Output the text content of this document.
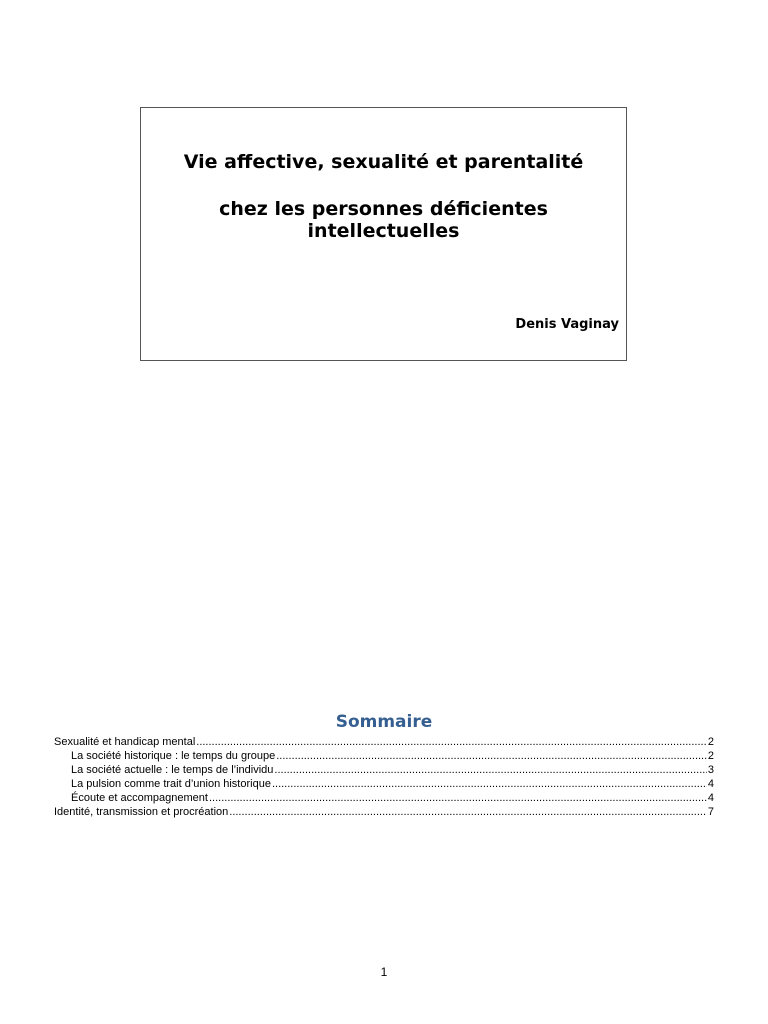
Vie affective, sexualité et parentalité

chez les personnes déficientes

intellectuelles

Denis Vaginay
Sommaire
Sexualité et handicap mental .....	2
La société historique : le temps du groupe .....	2
La société actuelle : le temps de l’individu .....	3
La pulsion comme trait d’union historique .....	4
Écoute et accompagnement .....	4
Identité, transmission et procréation .....	7
1
